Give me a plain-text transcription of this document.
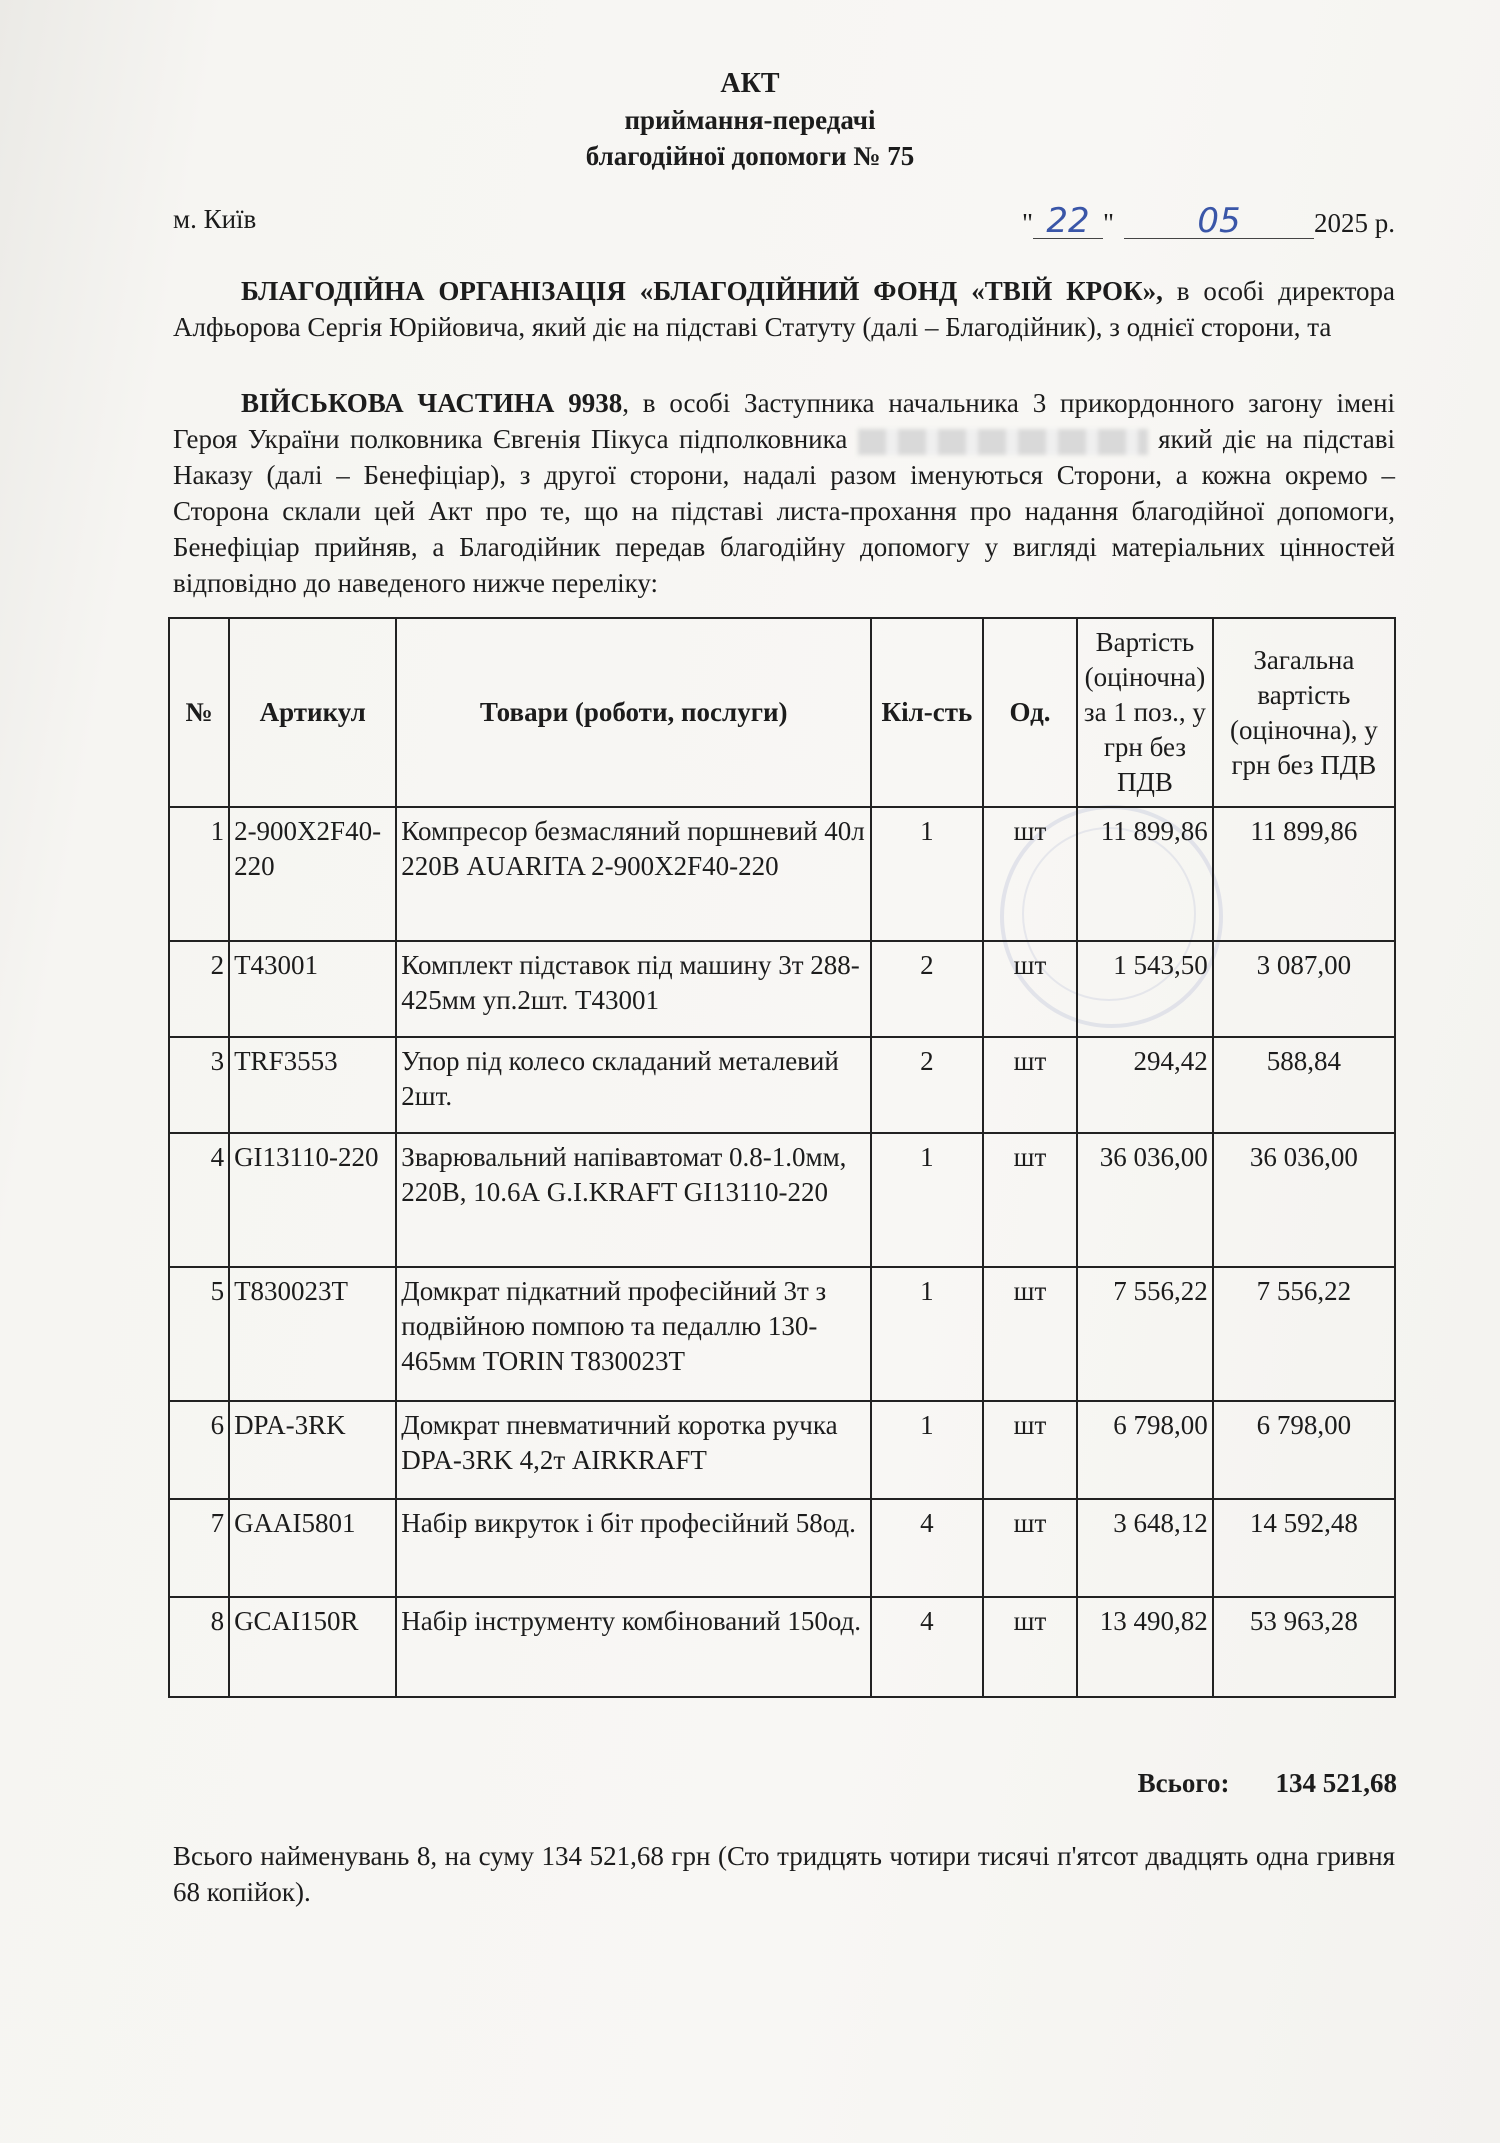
АКТ
приймання-передачі
благодійної допомоги № 75
м. Київ	" 22 " 05	2025 р.
БЛАГОДІЙНА ОРГАНІЗАЦІЯ «БЛАГОДІЙНИЙ ФОНД «ТВІЙ КРОК», в особі директора Алфьорова Сергія Юрійовича, який діє на підставі Статуту (далі – Благодійник), з однієї сторони, та
ВІЙСЬКОВА ЧАСТИНА 9938, в особі Заступника начальника 3 прикордонного загону імені Героя України полковника Євгенія Пікуса підполковника	який діє на підставі Наказу (далі – Бенефіціар), з другої сторони, надалі разом іменуються Сторони, а кожна окремо – Сторона склали цей Акт про те, що на підставі листа-прохання про надання благодійної допомоги, Бенефіціар прийняв, а Благодійник передав благодійну допомогу у вигляді матеріальних цінностей відповідно до наведеного нижче переліку:
№	Артикул	Товари (роботи, послуги)	Кіл-сть	Од.	Вартість (оціночна) за 1 поз., у грн без ПДВ	Загальна вартість (оціночна), у грн без ПДВ
1	2-900X2F40-220	Компресор безмасляний поршневий 40л 220В AUARITA 2-900X2F40-220	1	шт	11 899,86	11 899,86
2	T43001	Комплект підставок під машину 3т 288-425мм уп.2шт. T43001	2	шт	1 543,50	3 087,00
3	TRF3553	Упор під колесо складаний металевий 2шт.	2	шт	294,42	588,84
4	GI13110-220	Зварювальний напівавтомат 0.8-1.0мм, 220В, 10.6А G.I.KRAFT GI13110-220	1	шт	36 036,00	36 036,00
5	T830023T	Домкрат підкатний професійний 3т з подвійною помпою та педаллю 130-465мм TORIN T830023T	1	шт	7 556,22	7 556,22
6	DPA-3RK	Домкрат пневматичний коротка ручка DPA-3RK 4,2т AIRKRAFT	1	шт	6 798,00	6 798,00
7	GAAI5801	Набір викруток і біт професійний 58од.	4	шт	3 648,12	14 592,48
8	GCAI150R	Набір інструменту комбінований 150од.	4	шт	13 490,82	53 963,28
Всього: 134 521,68
Всього найменувань 8, на суму 134 521,68 грн (Сто тридцять чотири тисячі п'ятсот двадцять одна гривня 68 копійок).
